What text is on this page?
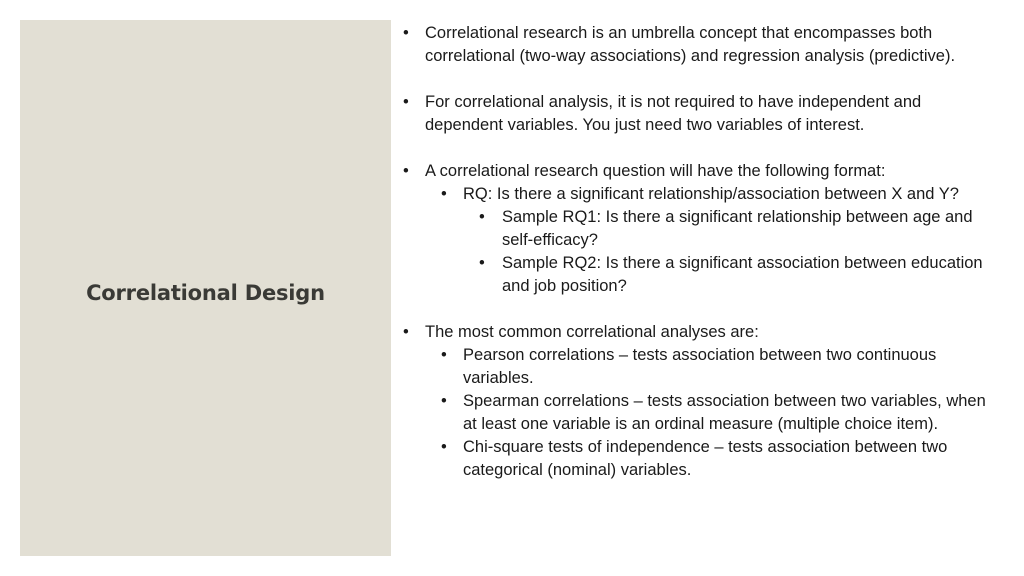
Correlational Design
• Correlational research is an umbrella concept that encompasses both correlational (two-way associations) and regression analysis (predictive).
• For correlational analysis, it is not required to have independent and dependent variables. You just need two variables of interest.
• A correlational research question will have the following format:
• RQ: Is there a significant relationship/association between X and Y?
• Sample RQ1: Is there a significant relationship between age and self-efficacy?
• Sample RQ2: Is there a significant association between education and job position?
• The most common correlational analyses are:
• Pearson correlations – tests association between two continuous variables.
• Spearman correlations – tests association between two variables, when at least one variable is an ordinal measure (multiple choice item).
• Chi-square tests of independence – tests association between two categorical (nominal) variables.
